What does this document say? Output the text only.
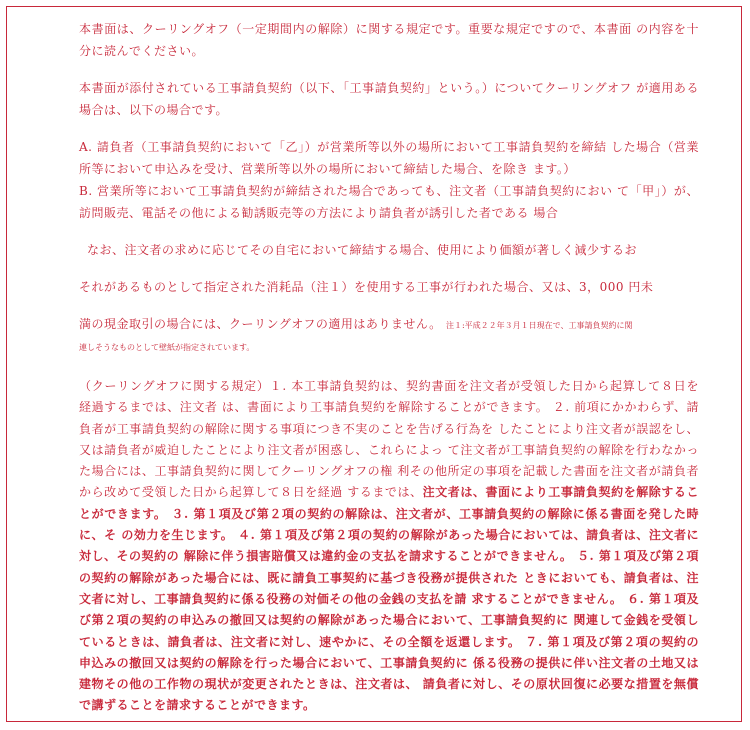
本書面は、クーリングオフ（一定期間内の解除）に関する規定です。重要な規定ですので、本書面 の内容を十分に読んでください。

本書面が添付されている工事請負契約（以下、「工事請負契約」という。）についてクーリングオフ が適用ある場合は、以下の場合です。

A. 請負者（工事請負契約において「乙」）が営業所等以外の場所において工事請負契約を締結 した場合（営業所等において申込みを受け、営業所等以外の場所において締結した場合、を除き ます。）

B. 営業所等において工事請負契約が締結された場合であっても、注文者（工事請負契約におい て「甲」）が、訪問販売、電話その他による勧誘販売等の方法により請負者が誘引した者である 場合

なお、注文者の求めに応じてその自宅において締結する場合、使用により価額が著しく減少するお

それがあるものとして指定された消耗品（注１）を使用する工事が行われた場合、又は、3，000 円未

満の現金取引の場合には、クーリングオフの適用はありません。 注１:平成２２年３月１日現在で、工事請負契約に関

連しそうなものとして壁紙が指定されています。

（クーリングオフに関する規定）１. 本工事請負契約は、契約書面を注文者が受領した日から起算して８日を経過するまでは、注文者 は、書面により工事請負契約を解除することができます。 ２. 前項にかかわらず、請負者が工事請負契約の解除に関する事項につき不実のことを告げる行為を したことにより注文者が誤認をし、又は請負者が威迫したことにより注文者が困惑し、これらによっ て注文者が工事請負契約の解除を行わなかった場合には、工事請負契約に関してクーリングオフの権 利その他所定の事項を記載した書面を注文者が請負者から改めて受領した日から起算して８日を経過 するまでは、注文者は、書面により工事請負契約を解除することができます。 ３. 第１項及び第２項の契約の解除は、注文者が、工事請負契約の解除に係る書面を発した時に、そ の効力を生じます。 ４. 第１項及び第２項の契約の解除があった場合においては、請負者は、注文者に対し、その契約の 解除に伴う損害賠償又は違約金の支払を請求することができません。 ５. 第１項及び第２項の契約の解除があった場合には、既に請負工事契約に基づき役務が提供された ときにおいても、請負者は、注文者に対し、工事請負契約に係る役務の対価その他の金銭の支払を請 求することができません。 ６. 第１項及び第２項の契約の申込みの撤回又は契約の解除があった場合において、工事請負契約に 関連して金銭を受領しているときは、請負者は、注文者に対し、速やかに、その全額を返還します。 ７. 第１項及び第２項の契約の申込みの撤回又は契約の解除を行った場合において、工事請負契約に 係る役務の提供に伴い注文者の土地又は建物その他の工作物の現状が変更されたときは、注文者は、 請負者に対し、その原状回復に必要な措置を無償で講ずることを請求することができます。
